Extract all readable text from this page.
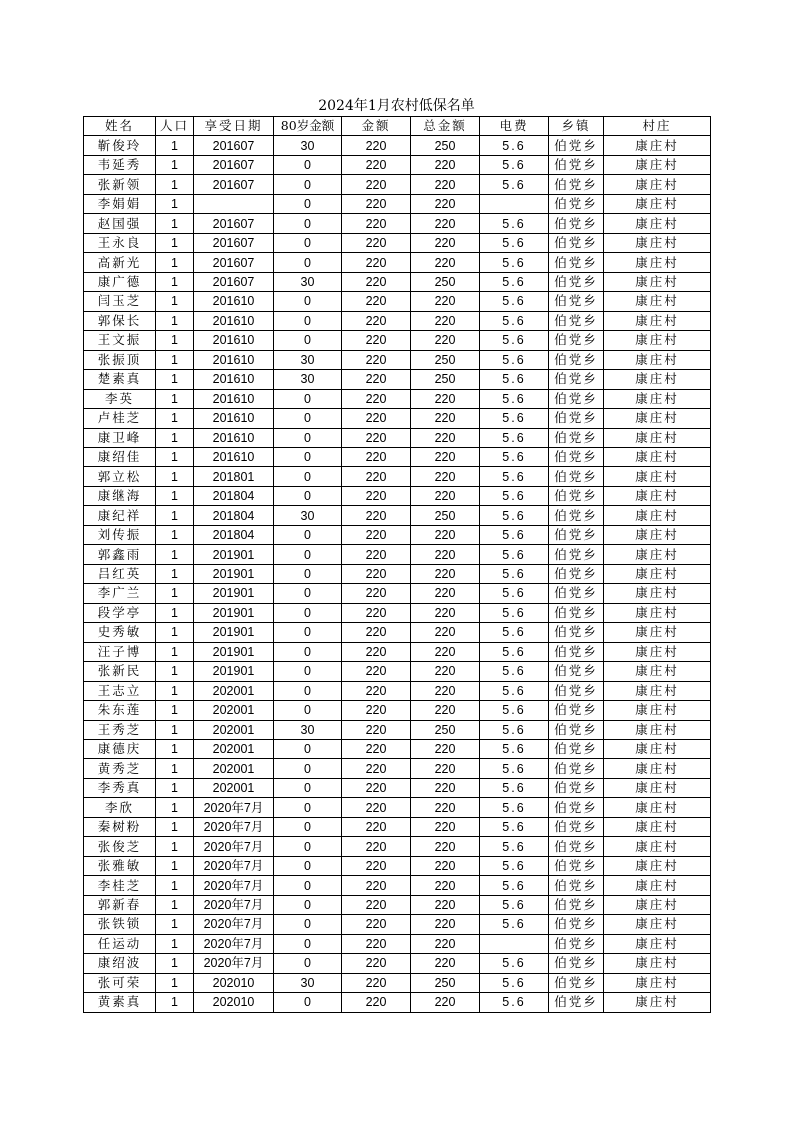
2024年1月农村低保名单
姓名	人口	享受日期	80岁金额	金额	总金额	电费	乡镇	村庄
靳俊玲	1	201607	30	220	250	5.6	伯党乡	康庄村
韦延秀	1	201607	0	220	220	5.6	伯党乡	康庄村
张新领	1	201607	0	220	220	5.6	伯党乡	康庄村
李娟娟	1		0	220	220		伯党乡	康庄村
赵国强	1	201607	0	220	220	5.6	伯党乡	康庄村
王永良	1	201607	0	220	220	5.6	伯党乡	康庄村
高新光	1	201607	0	220	220	5.6	伯党乡	康庄村
康广德	1	201607	30	220	250	5.6	伯党乡	康庄村
闫玉芝	1	201610	0	220	220	5.6	伯党乡	康庄村
郭保长	1	201610	0	220	220	5.6	伯党乡	康庄村
王文振	1	201610	0	220	220	5.6	伯党乡	康庄村
张振顶	1	201610	30	220	250	5.6	伯党乡	康庄村
楚素真	1	201610	30	220	250	5.6	伯党乡	康庄村
李英	1	201610	0	220	220	5.6	伯党乡	康庄村
卢桂芝	1	201610	0	220	220	5.6	伯党乡	康庄村
康卫峰	1	201610	0	220	220	5.6	伯党乡	康庄村
康绍佳	1	201610	0	220	220	5.6	伯党乡	康庄村
郭立松	1	201801	0	220	220	5.6	伯党乡	康庄村
康继海	1	201804	0	220	220	5.6	伯党乡	康庄村
康纪祥	1	201804	30	220	250	5.6	伯党乡	康庄村
刘传振	1	201804	0	220	220	5.6	伯党乡	康庄村
郭鑫雨	1	201901	0	220	220	5.6	伯党乡	康庄村
吕红英	1	201901	0	220	220	5.6	伯党乡	康庄村
李广兰	1	201901	0	220	220	5.6	伯党乡	康庄村
段学亭	1	201901	0	220	220	5.6	伯党乡	康庄村
史秀敏	1	201901	0	220	220	5.6	伯党乡	康庄村
汪子博	1	201901	0	220	220	5.6	伯党乡	康庄村
张新民	1	201901	0	220	220	5.6	伯党乡	康庄村
王志立	1	202001	0	220	220	5.6	伯党乡	康庄村
朱东莲	1	202001	0	220	220	5.6	伯党乡	康庄村
王秀芝	1	202001	30	220	250	5.6	伯党乡	康庄村
康德庆	1	202001	0	220	220	5.6	伯党乡	康庄村
黄秀芝	1	202001	0	220	220	5.6	伯党乡	康庄村
李秀真	1	202001	0	220	220	5.6	伯党乡	康庄村
李欣	1	2020年7月	0	220	220	5.6	伯党乡	康庄村
秦树粉	1	2020年7月	0	220	220	5.6	伯党乡	康庄村
张俊芝	1	2020年7月	0	220	220	5.6	伯党乡	康庄村
张雅敏	1	2020年7月	0	220	220	5.6	伯党乡	康庄村
李桂芝	1	2020年7月	0	220	220	5.6	伯党乡	康庄村
郭新春	1	2020年7月	0	220	220	5.6	伯党乡	康庄村
张铁锁	1	2020年7月	0	220	220	5.6	伯党乡	康庄村
任运动	1	2020年7月	0	220	220		伯党乡	康庄村
康绍波	1	2020年7月	0	220	220	5.6	伯党乡	康庄村
张可荣	1	202010	30	220	250	5.6	伯党乡	康庄村
黄素真	1	202010	0	220	220	5.6	伯党乡	康庄村
